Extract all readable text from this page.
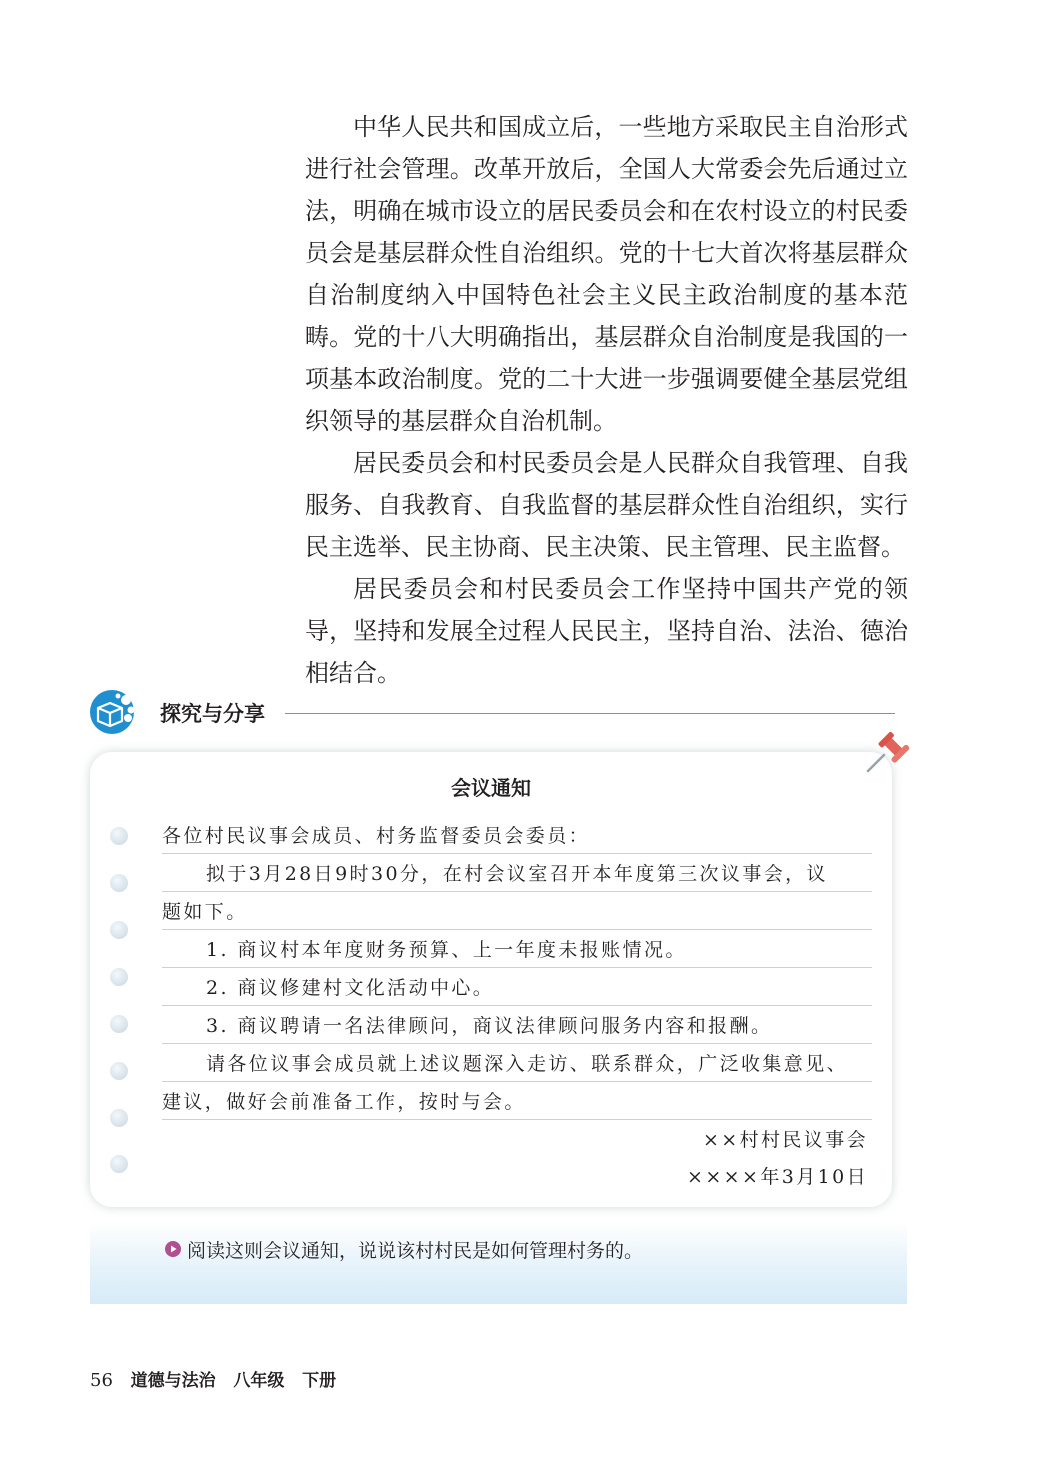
中华人民共和国成立后，一些地方采取民主自治形式进行社会管理。改革开放后，全国人大常委会先后通过立法，明确在城市设立的居民委员会和在农村设立的村民委员会是基层群众性自治组织。党的十七大首次将基层群众自治制度纳入中国特色社会主义民主政治制度的基本范畴。党的十八大明确指出，基层群众自治制度是我国的一项基本政治制度。党的二十大进一步强调要健全基层党组织领导的基层群众自治机制。

居民委员会和村民委员会是人民群众自我管理、自我服务、自我教育、自我监督的基层群众性自治组织，实行民主选举、民主协商、民主决策、民主管理、民主监督。

居民委员会和村民委员会工作坚持中国共产党的领导，坚持和发展全过程人民民主，坚持自治、法治、德治相结合。

探究与分享
会议通知
各位村民议事会成员、村务监督委员会委员：
拟于3月28日9时30分，在村会议室召开本年度第三次议事会，议
题如下。
1. 商议村本年度财务预算、上一年度未报账情况。
2. 商议修建村文化活动中心。
3. 商议聘请一名法律顾问，商议法律顾问服务内容和报酬。
请各位议事会成员就上述议题深入走访、联系群众，广泛收集意见、
建议，做好会前准备工作，按时与会。
××村村民议事会
××××年3月10日
阅读这则会议通知，说说该村村民是如何管理村务的。
56 道德与法治 八年级 下册
